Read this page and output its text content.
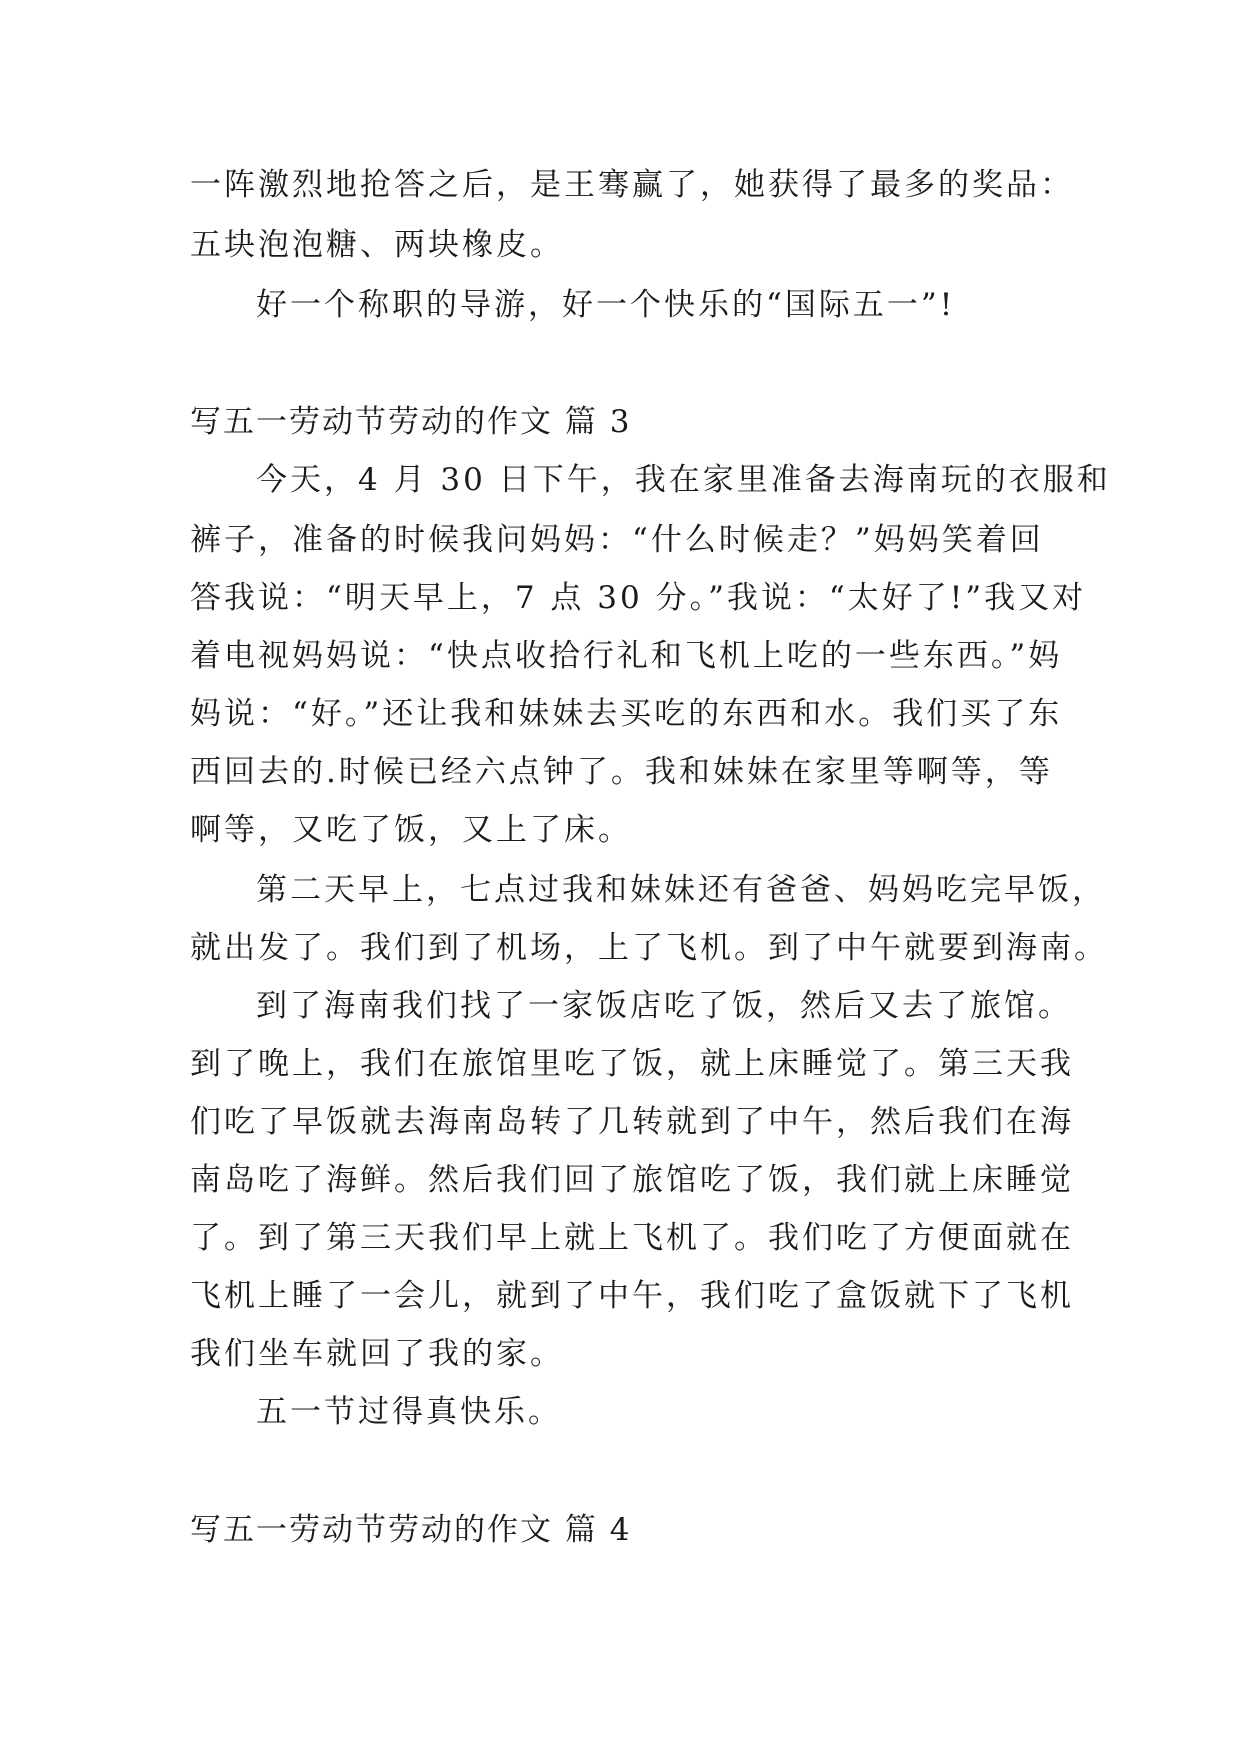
一阵激烈地抢答之后，是王骞赢了，她获得了最多的奖品：
五块泡泡糖、两块橡皮。
好一个称职的导游，好一个快乐的“国际五一”!
写五一劳动节劳动的作文 篇 3
今天，4 月 30 日下午，我在家里准备去海南玩的衣服和
裤子，准备的时候我问妈妈：“什么时候走？”妈妈笑着回
答我说：“明天早上，7 点 30 分。”我说：“太好了!”我又对
着电视妈妈说：“快点收拾行礼和飞机上吃的一些东西。”妈
妈说：“好。”还让我和妹妹去买吃的东西和水。我们买了东
西回去的.时候已经六点钟了。我和妹妹在家里等啊等，等
啊等，又吃了饭，又上了床。
第二天早上，七点过我和妹妹还有爸爸、妈妈吃完早饭，
就出发了。我们到了机场，上了飞机。到了中午就要到海南。
到了海南我们找了一家饭店吃了饭，然后又去了旅馆。
到了晚上，我们在旅馆里吃了饭，就上床睡觉了。第三天我
们吃了早饭就去海南岛转了几转就到了中午，然后我们在海
南岛吃了海鲜。然后我们回了旅馆吃了饭，我们就上床睡觉
了。到了第三天我们早上就上飞机了。我们吃了方便面就在
飞机上睡了一会儿，就到了中午，我们吃了盒饭就下了飞机
我们坐车就回了我的家。
五一节过得真快乐。
写五一劳动节劳动的作文 篇 4
